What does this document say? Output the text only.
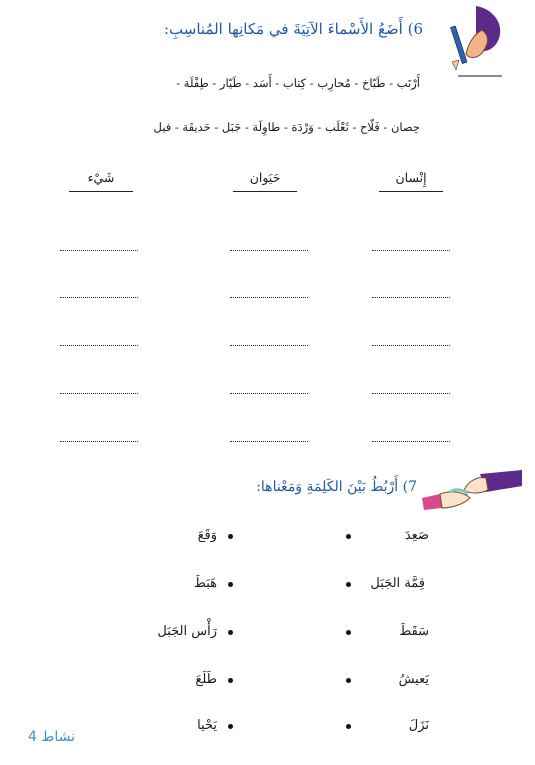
6) أَضَعُ الأَسْماءَ الآتِيَةَ في مَكانِها المُناسِبِ:
أَرْنَب - طَبّاخ - مُحارِب - كِتاب - أَسَد - طَيّار - طِفْلَة -
حِصان - فَلّاح - ثَعْلَب - وَرْدَة - طاوِلَة - جَبَل - حَديقَة - فيل
إِنْسان
حَيَوان
شَيْء
7) أَرْبُطُ بَيْنَ الكَلِمَةِ وَمَعْناها:
صَعِدَ
قِمَّة الجَبَل
سَقَطَ
يَعيشُ
نَزَلَ
وَقَعَ
هَبَطَ
رَأْس الجَبَل
طَلَعَ
يَحْيا
نشاط 4
